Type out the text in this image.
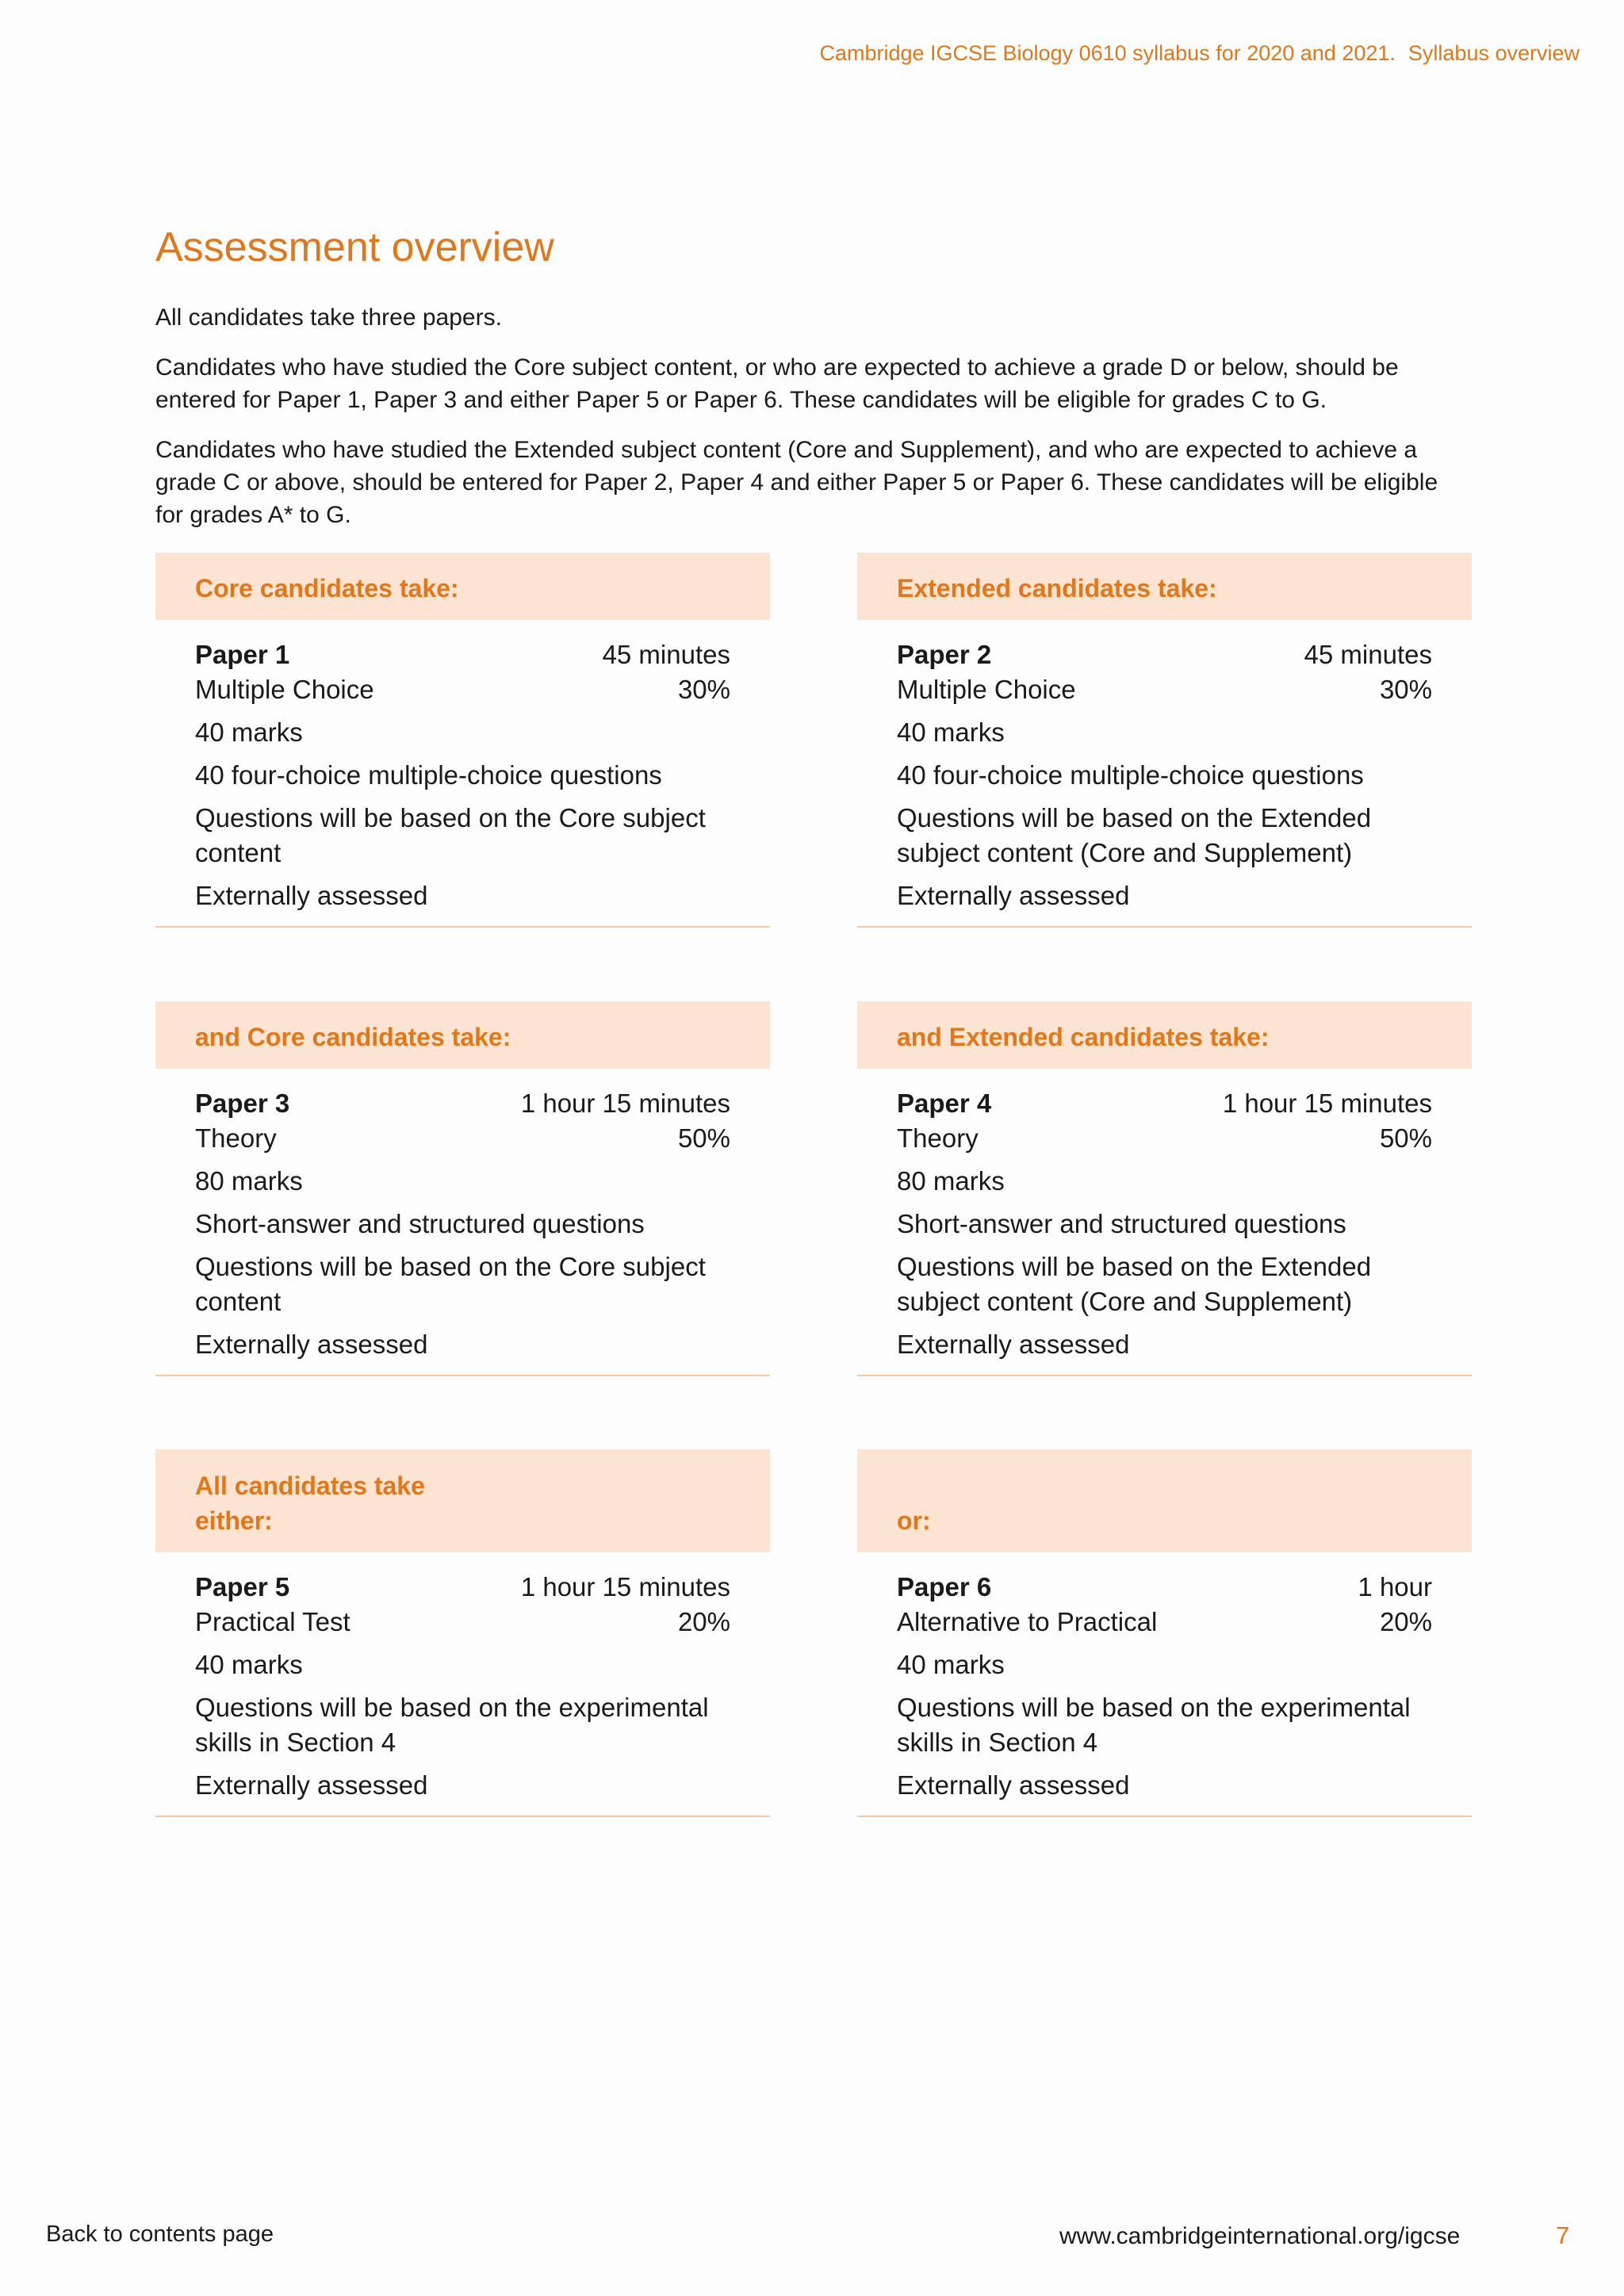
Cambridge IGCSE Biology 0610 syllabus for 2020 and 2021. Syllabus overview
Assessment overview

All candidates take three papers.

Candidates who have studied the Core subject content, or who are expected to achieve a grade D or below, should be entered for Paper 1, Paper 3 and either Paper 5 or Paper 6. These candidates will be eligible for grades C to G.

Candidates who have studied the Extended subject content (Core and Supplement), and who are expected to achieve a grade C or above, should be entered for Paper 2, Paper 4 and either Paper 5 or Paper 6. These candidates will be eligible for grades A* to G.

Core candidates take:
Paper 1	45 minutes
Multiple Choice	30%
40 marks
40 four-choice multiple-choice questions
Questions will be based on the Core subject content
Externally assessed
Extended candidates take:
Paper 2	45 minutes
Multiple Choice	30%
40 marks
40 four-choice multiple-choice questions
Questions will be based on the Extended subject content (Core and Supplement)
Externally assessed
and Core candidates take:
Paper 3	1 hour 15 minutes
Theory	50%
80 marks
Short-answer and structured questions
Questions will be based on the Core subject content
Externally assessed
and Extended candidates take:
Paper 4	1 hour 15 minutes
Theory	50%
80 marks
Short-answer and structured questions
Questions will be based on the Extended subject content (Core and Supplement)
Externally assessed
All candidates take either:
Paper 5	1 hour 15 minutes
Practical Test	20%
40 marks
Questions will be based on the experimental skills in Section 4
Externally assessed
or:
Paper 6	1 hour
Alternative to Practical	20%
40 marks
Questions will be based on the experimental skills in Section 4
Externally assessed
Back to contents page	www.cambridgeinternational.org/igcse	7
